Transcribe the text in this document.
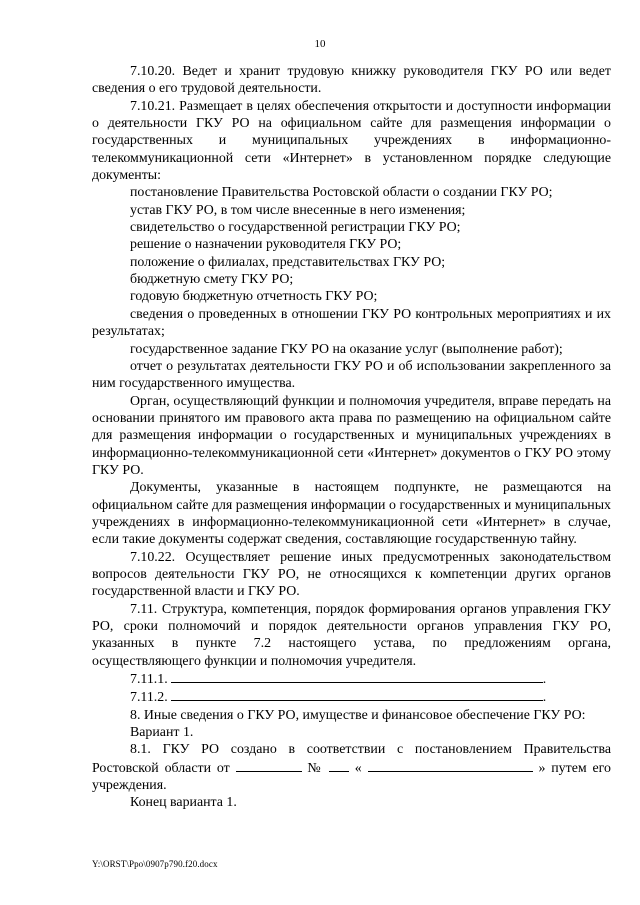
10

7.10.20. Ведет и хранит трудовую книжку руководителя ГКУ РО или ведет сведения о его трудовой деятельности.

7.10.21. Размещает в целях обеспечения открытости и доступности информации о деятельности ГКУ РО на официальном сайте для размещения информации о государственных и муниципальных учреждениях в информационно-телекоммуникационной сети «Интернет» в установленном порядке следующие документы:

постановление Правительства Ростовской области о создании ГКУ РО;

устав ГКУ РО, в том числе внесенные в него изменения;

свидетельство о государственной регистрации ГКУ РО;

решение о назначении руководителя ГКУ РО;

положение о филиалах, представительствах ГКУ РО;

бюджетную смету ГКУ РО;

годовую бюджетную отчетность ГКУ РО;

сведения о проведенных в отношении ГКУ РО контрольных мероприятиях и их результатах;

государственное задание ГКУ РО на оказание услуг (выполнение работ);

отчет о результатах деятельности ГКУ РО и об использовании закрепленного за ним государственного имущества.

Орган, осуществляющий функции и полномочия учредителя, вправе передать на основании принятого им правового акта права по размещению на официальном сайте для размещения информации о государственных и муниципальных учреждениях в информационно-телекоммуникационной сети «Интернет» документов о ГКУ РО этому ГКУ РО.

Документы, указанные в настоящем подпункте, не размещаются на официальном сайте для размещения информации о государственных и муниципальных учреждениях в информационно-телекоммуникационной сети «Интернет» в случае, если такие документы содержат сведения, составляющие государственную тайну.

7.10.22. Осуществляет решение иных предусмотренных законодательством вопросов деятельности ГКУ РО, не относящихся к компетенции других органов государственной власти и ГКУ РО.

7.11. Структура, компетенция, порядок формирования органов управления ГКУ РО, сроки полномочий и порядок деятельности органов управления ГКУ РО, указанных в пункте 7.2 настоящего устава, по предложениям органа, осуществляющего функции и полномочия учредителя.

7.11.1.	.

7.11.2.	.

8. Иные сведения о ГКУ РО, имуществе и финансовое обеспечение ГКУ РО:

Вариант 1.

8.1. ГКУ РО создано в соответствии с постановлением Правительства Ростовской области от	№ «	» путем его учреждения.

Конец варианта 1.

Y:\ORST\Ppo\0907p790.f20.docx
